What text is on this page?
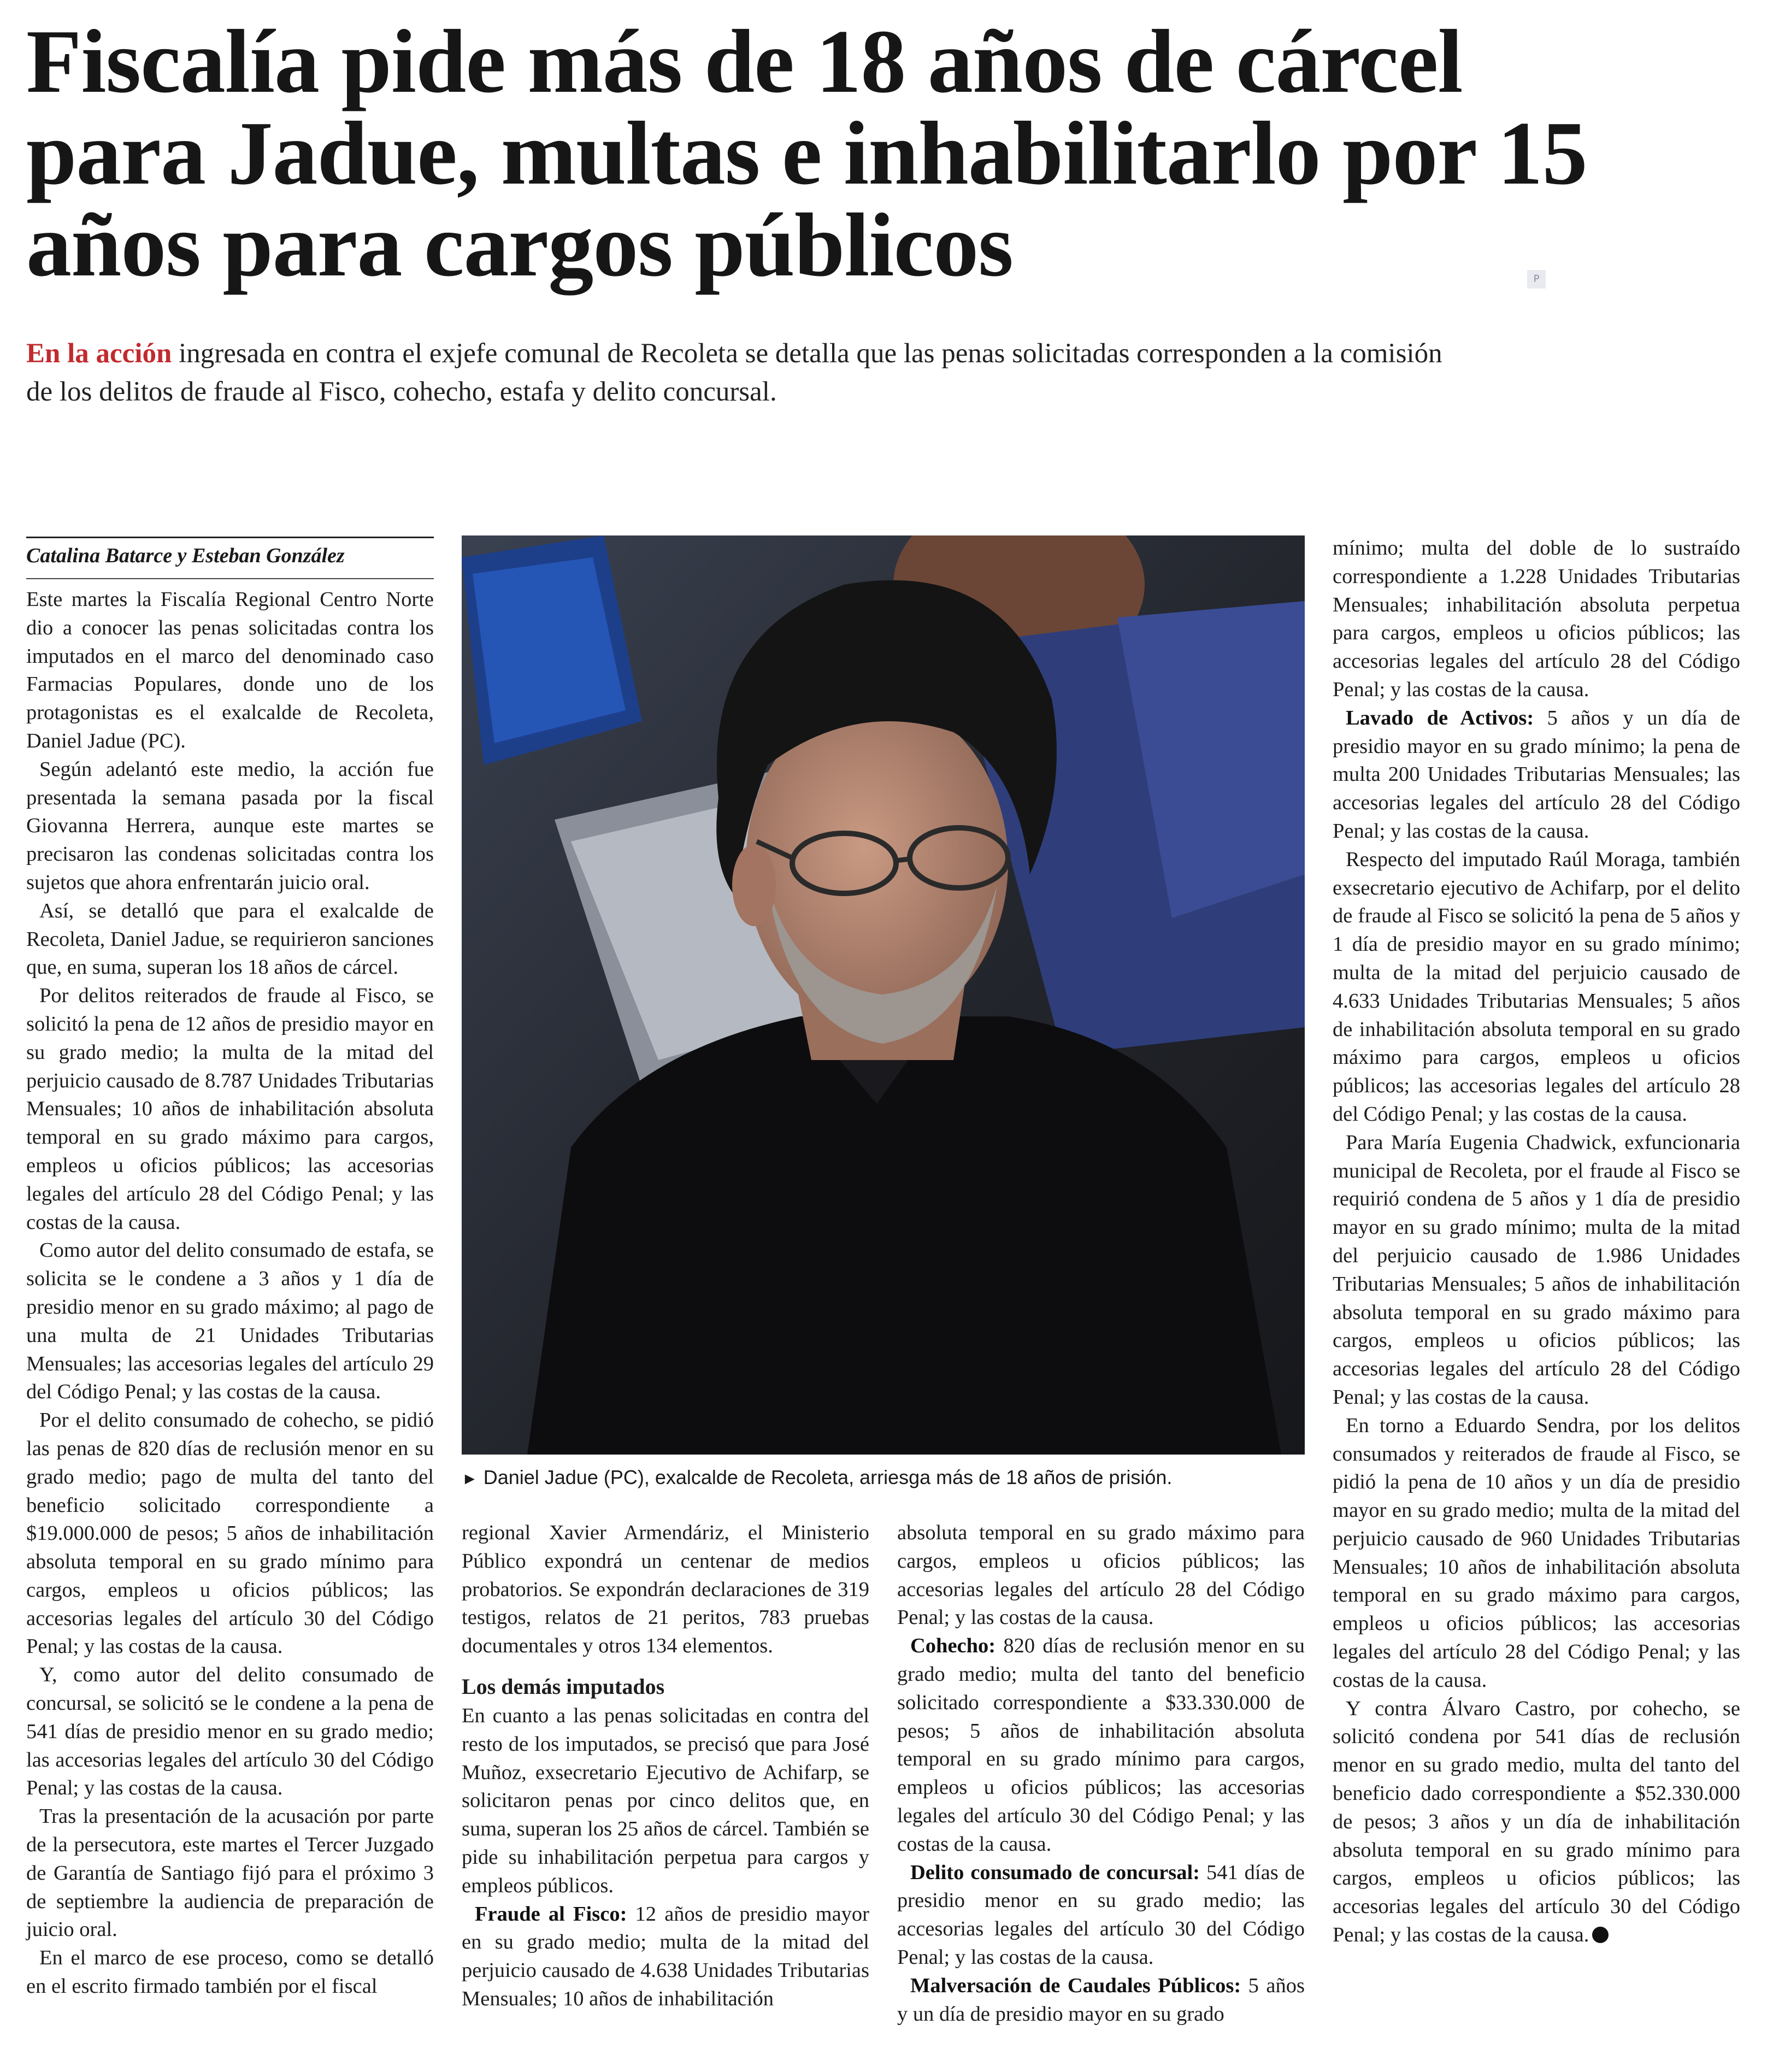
Fiscalía pide más de 18 años de cárcel para Jadue, multas e inhabilitarlo por 15 años para cargos públicos	P
En la acción ingresada en contra el exjefe comunal de Recoleta se detalla que las penas solicitadas corresponden a la comisión de los delitos de fraude al Fisco, cohecho, estafa y delito concursal.
Catalina Batarce y Esteban González

Este martes la Fiscalía Regional Centro Norte dio a conocer las penas solicitadas contra los imputados en el marco del denominado caso Farmacias Populares, donde uno de los protagonistas es el exalcalde de Recoleta, Daniel Jadue (PC).

Según adelantó este medio, la acción fue presentada la semana pasada por la fiscal Giovanna Herrera, aunque este martes se precisaron las condenas solicitadas contra los sujetos que ahora enfrentarán juicio oral.

Así, se detalló que para el exalcalde de Recoleta, Daniel Jadue, se requirieron sanciones que, en suma, superan los 18 años de cárcel.

Por delitos reiterados de fraude al Fisco, se solicitó la pena de 12 años de presidio mayor en su grado medio; la multa de la mitad del perjuicio causado de 8.787 Unidades Tributarias Mensuales; 10 años de inhabilitación absoluta temporal en su grado máximo para cargos, empleos u oficios públicos; las accesorias legales del artículo 28 del Código Penal; y las costas de la causa.

Como autor del delito consumado de estafa, se solicita se le condene a 3 años y 1 día de presidio menor en su grado máximo; al pago de una multa de 21 Unidades Tributarias Mensuales; las accesorias legales del artículo 29 del Código Penal; y las costas de la causa.

Por el delito consumado de cohecho, se pidió las penas de 820 días de reclusión menor en su grado medio; pago de multa del tanto del beneficio solicitado correspondiente a $19.000.000 de pesos; 5 años de inhabilitación absoluta temporal en su grado mínimo para cargos, empleos u oficios públicos; las accesorias legales del artículo 30 del Código Penal; y las costas de la causa.

Y, como autor del delito consumado de concursal, se solicitó se le condene a la pena de 541 días de presidio menor en su grado medio; las accesorias legales del artículo 30 del Código Penal; y las costas de la causa.

Tras la presentación de la acusación por parte de la persecutora, este martes el Tercer Juzgado de Garantía de Santiago fijó para el próximo 3 de septiembre la audiencia de preparación de juicio oral.

En el marco de ese proceso, como se detalló en el escrito firmado también por el fiscal

► Daniel Jadue (PC), exalcalde de Recoleta, arriesga más de 18 años de prisión.

regional Xavier Armendáriz, el Ministerio Público expondrá un centenar de medios probatorios. Se expondrán declaraciones de 319 testigos, relatos de 21 peritos, 783 pruebas documentales y otros 134 elementos.

Los demás imputados

En cuanto a las penas solicitadas en contra del resto de los imputados, se precisó que para José Muñoz, exsecretario Ejecutivo de Achifarp, se solicitaron penas por cinco delitos que, en suma, superan los 25 años de cárcel. También se pide su inhabilitación perpetua para cargos y empleos públicos.

Fraude al Fisco: 12 años de presidio mayor en su grado medio; multa de la mitad del perjuicio causado de 4.638 Unidades Tributarias Mensuales; 10 años de inhabilitación

absoluta temporal en su grado máximo para cargos, empleos u oficios públicos; las accesorias legales del artículo 28 del Código Penal; y las costas de la causa.

Cohecho: 820 días de reclusión menor en su grado medio; multa del tanto del beneficio solicitado correspondiente a $33.330.000 de pesos; 5 años de inhabilitación absoluta temporal en su grado mínimo para cargos, empleos u oficios públicos; las accesorias legales del artículo 30 del Código Penal; y las costas de la causa.

Delito consumado de concursal: 541 días de presidio menor en su grado medio; las accesorias legales del artículo 30 del Código Penal; y las costas de la causa.

Malversación de Caudales Públicos: 5 años y un día de presidio mayor en su grado

mínimo; multa del doble de lo sustraído correspondiente a 1.228 Unidades Tributarias Mensuales; inhabilitación absoluta perpetua para cargos, empleos u oficios públicos; las accesorias legales del artículo 28 del Código Penal; y las costas de la causa.

Lavado de Activos: 5 años y un día de presidio mayor en su grado mínimo; la pena de multa 200 Unidades Tributarias Mensuales; las accesorias legales del artículo 28 del Código Penal; y las costas de la causa.

Respecto del imputado Raúl Moraga, también exsecretario ejecutivo de Achifarp, por el delito de fraude al Fisco se solicitó la pena de 5 años y 1 día de presidio mayor en su grado mínimo; multa de la mitad del perjuicio causado de 4.633 Unidades Tributarias Mensuales; 5 años de inhabilitación absoluta temporal en su grado máximo para cargos, empleos u oficios públicos; las accesorias legales del artículo 28 del Código Penal; y las costas de la causa.

Para María Eugenia Chadwick, exfuncionaria municipal de Recoleta, por el fraude al Fisco se requirió condena de 5 años y 1 día de presidio mayor en su grado mínimo; multa de la mitad del perjuicio causado de 1.986 Unidades Tributarias Mensuales; 5 años de inhabilitación absoluta temporal en su grado máximo para cargos, empleos u oficios públicos; las accesorias legales del artículo 28 del Código Penal; y las costas de la causa.

En torno a Eduardo Sendra, por los delitos consumados y reiterados de fraude al Fisco, se pidió la pena de 10 años y un día de presidio mayor en su grado medio; multa de la mitad del perjuicio causado de 960 Unidades Tributarias Mensuales; 10 años de inhabilitación absoluta temporal en su grado máximo para cargos, empleos u oficios públicos; las accesorias legales del artículo 28 del Código Penal; y las costas de la causa.

Y contra Álvaro Castro, por cohecho, se solicitó condena por 541 días de reclusión menor en su grado medio, multa del tanto del beneficio dado correspondiente a $52.330.000 de pesos; 3 años y un día de inhabilitación absoluta temporal en su grado mínimo para cargos, empleos u oficios públicos; las accesorias legales del artículo 30 del Código Penal; y las costas de la causa.
